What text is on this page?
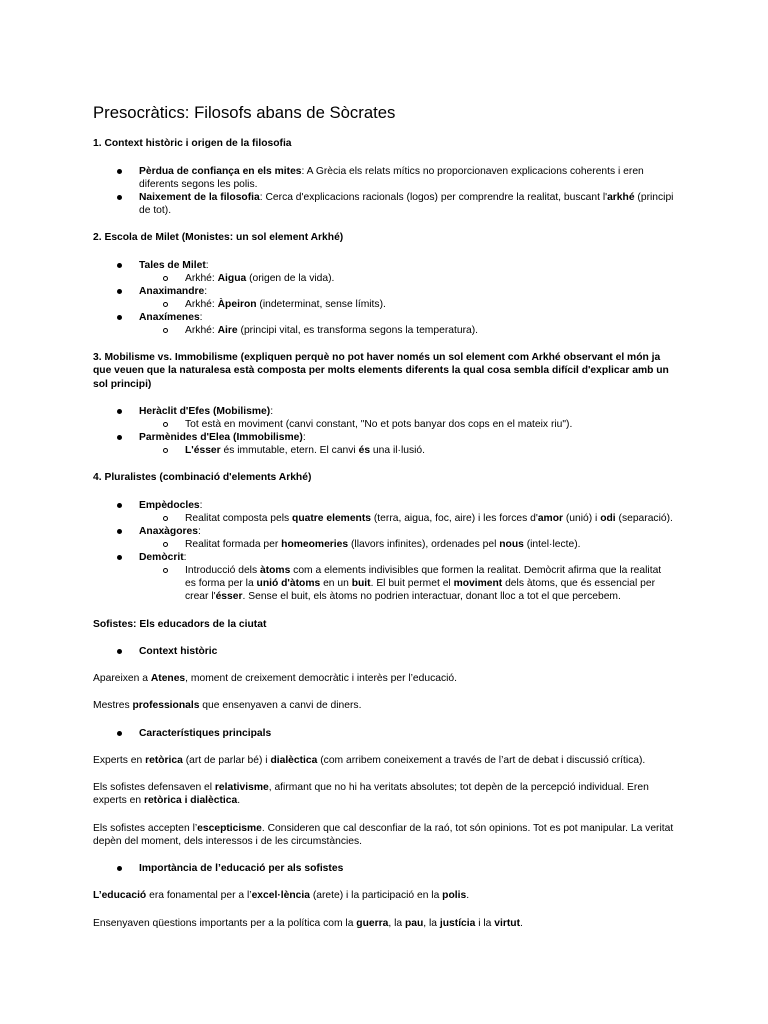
Presocràtics: Filosofs abans de Sòcrates
1. Context històric i origen de la filosofia
Pèrdua de confiança en els mites: A Grècia els relats mítics no proporcionaven explicacions coherents i eren diferents segons les polis.
Naixement de la filosofia: Cerca d'explicacions racionals (logos) per comprendre la realitat, buscant l'arkhé (principi de tot).
2. Escola de Milet (Monistes: un sol element Arkhé)
Tales de Milet:
Arkhé: Aigua (origen de la vida).
Anaximandre:
Arkhé: Àpeiron (indeterminat, sense límits).
Anaxímenes:
Arkhé: Aire (principi vital, es transforma segons la temperatura).
3. Mobilisme vs. Immobilisme (expliquen perquè no pot haver només un sol element com Arkhé observant el món ja que veuen que la naturalesa està composta per molts elements diferents la qual cosa sembla difícil d'explicar amb un sol principi)
Heràclit d'Efes (Mobilisme):
Tot està en moviment (canvi constant, "No et pots banyar dos cops en el mateix riu").
Parmènides d'Elea (Immobilisme):
L'ésser és immutable, etern. El canvi és una il·lusió.
4. Pluralistes (combinació d'elements Arkhé)
Empèdocles:
Realitat composta pels quatre elements (terra, aigua, foc, aire) i les forces d'amor (unió) i odi (separació).
Anaxàgores:
Realitat formada per homeomeries (llavors infinites), ordenades pel nous (intel·lecte).
Demòcrit:
Introducció dels àtoms com a elements indivisibles que formen la realitat. Demòcrit afirma que la realitat es forma per la unió d'àtoms en un buit. El buit permet el moviment dels àtoms, que és essencial per crear l'ésser. Sense el buit, els àtoms no podrien interactuar, donant lloc a tot el que percebem.
Sofistes: Els educadors de la ciutat
Context històric
Apareixen a Atenes, moment de creixement democràtic i interès per l’educació.
Mestres professionals que ensenyaven a canvi de diners.
Característiques principals
Experts en retòrica (art de parlar bé) i dialèctica (com arribem coneixement a través de l’art de debat i discussió crítica).
Els sofistes defensaven el relativisme, afirmant que no hi ha veritats absolutes; tot depèn de la percepció individual. Eren experts en retòrica i dialèctica.
Els sofistes accepten l’escepticisme. Consideren que cal desconfiar de la raó, tot són opinions. Tot es pot manipular. La veritat depèn del moment, dels interessos i de les circumstàncies.
Importància de l’educació per als sofistes
L’educació era fonamental per a l’excel·lència (arete) i la participació en la polis.
Ensenyaven qüestions importants per a la política com la guerra, la pau, la justícia i la virtut.
